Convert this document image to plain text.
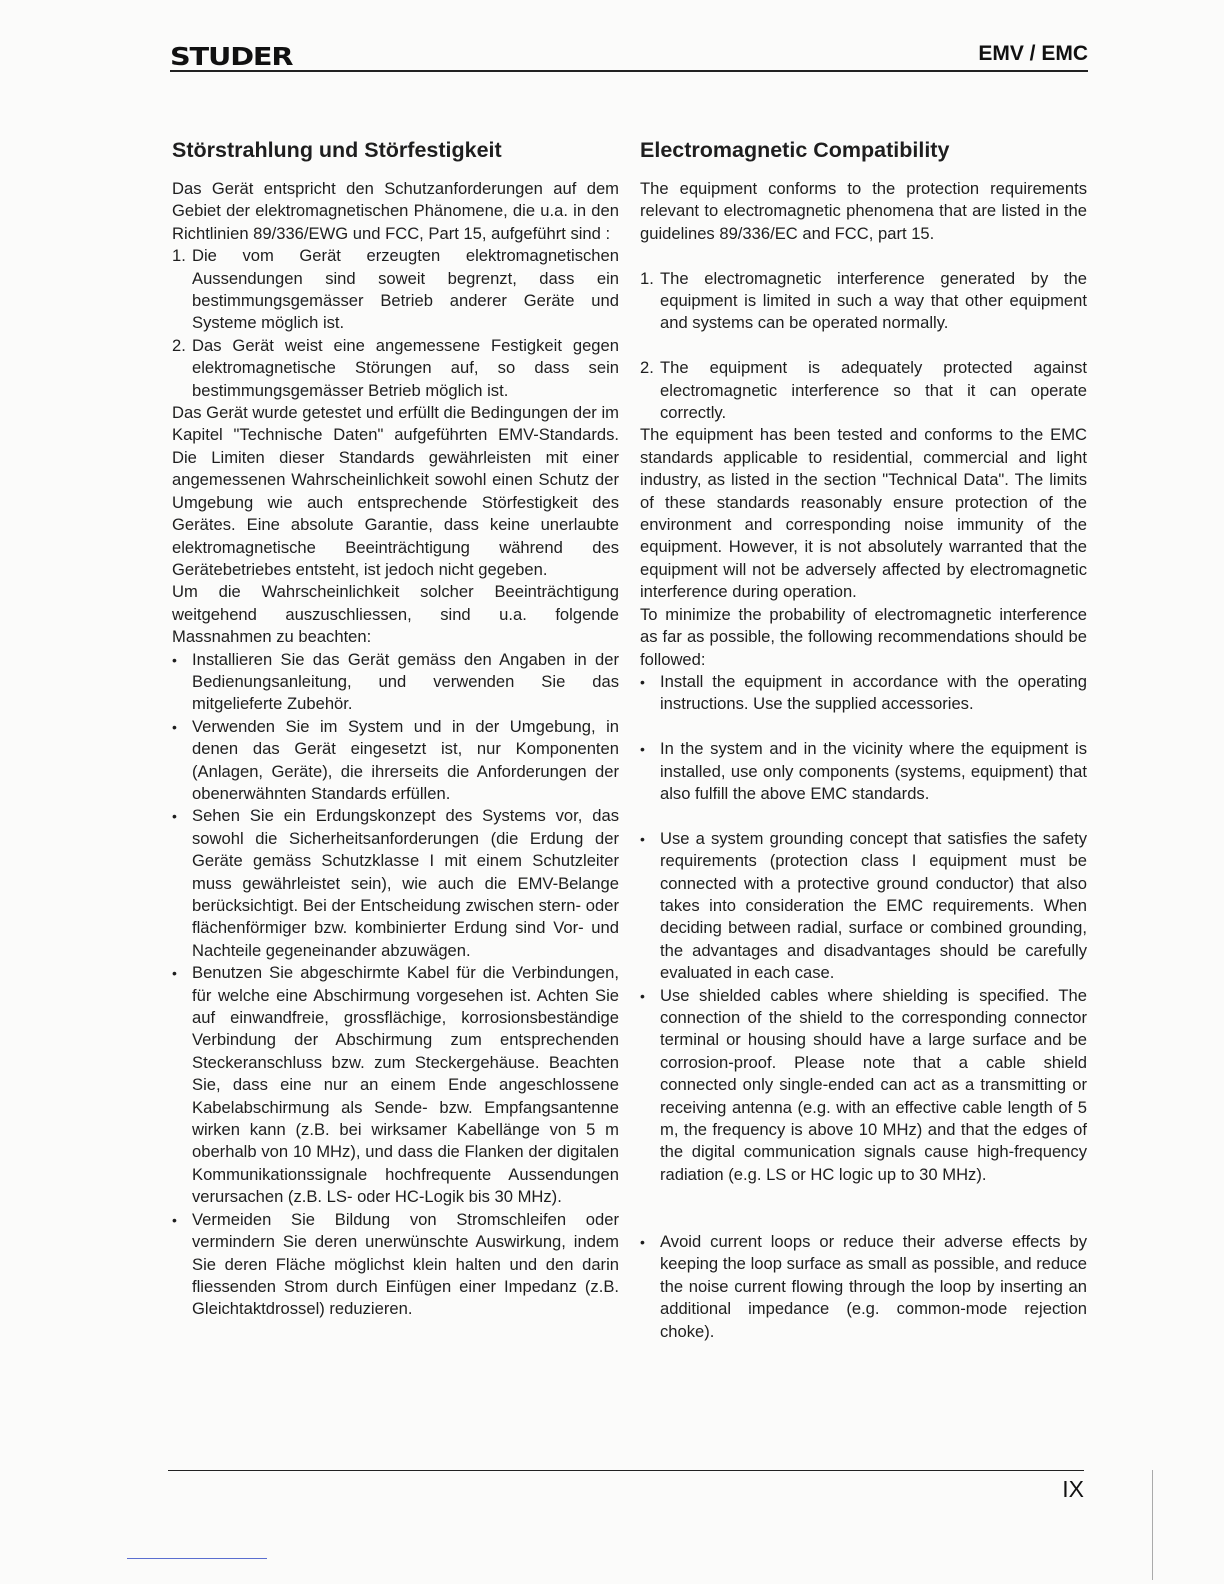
STUDER	EMV / EMC
Störstrahlung und Störfestigkeit

Das Gerät entspricht den Schutzanforderungen auf dem Gebiet der elektromagnetischen Phänomene, die u.a. in den Richtlinien 89/336/EWG und FCC, Part 15, aufgeführt sind :

1. Die vom Gerät erzeugten elektromagnetischen Aussendungen sind soweit begrenzt, dass ein bestimmungsgemässer Betrieb anderer Geräte und Systeme möglich ist.
2. Das Gerät weist eine angemessene Festigkeit gegen elektromagnetische Störungen auf, so dass sein bestimmungsgemässer Betrieb möglich ist.

Das Gerät wurde getestet und erfüllt die Bedingungen der im Kapitel "Technische Daten" aufgeführten EMV-Standards. Die Limiten dieser Standards gewährleisten mit einer angemessenen Wahrscheinlichkeit sowohl einen Schutz der Umgebung wie auch entsprechende Störfestigkeit des Gerätes. Eine absolute Garantie, dass keine unerlaubte elektromagnetische Beeinträchtigung während des Gerätebetriebes entsteht, ist jedoch nicht gegeben.

Um die Wahrscheinlichkeit solcher Beeinträchtigung weitgehend auszuschliessen, sind u.a. folgende Massnahmen zu beachten:

• Installieren Sie das Gerät gemäss den Angaben in der Bedienungsanleitung, und verwenden Sie das mitgelieferte Zubehör.
• Verwenden Sie im System und in der Umgebung, in denen das Gerät eingesetzt ist, nur Komponenten (Anlagen, Geräte), die ihrerseits die Anforderungen der obenerwähnten Standards erfüllen.
• Sehen Sie ein Erdungskonzept des Systems vor, das sowohl die Sicherheitsanforderungen (die Erdung der Geräte gemäss Schutzklasse I mit einem Schutzleiter muss gewährleistet sein), wie auch die EMV-Belange berücksichtigt. Bei der Entscheidung zwischen stern- oder flächenförmiger bzw. kombinierter Erdung sind Vor- und Nachteile gegeneinander abzuwägen.
• Benutzen Sie abgeschirmte Kabel für die Verbindungen, für welche eine Abschirmung vorgesehen ist. Achten Sie auf einwandfreie, grossflächige, korrosionsbeständige Verbindung der Abschirmung zum entsprechenden Steckeranschluss bzw. zum Steckergehäuse. Beachten Sie, dass eine nur an einem Ende angeschlossene Kabelabschirmung als Sende- bzw. Empfangsantenne wirken kann (z.B. bei wirksamer Kabellänge von 5 m oberhalb von 10 MHz), und dass die Flanken der digitalen Kommunikationssignale hochfrequente Aussendungen verursachen (z.B. LS- oder HC-Logik bis 30 MHz).
• Vermeiden Sie Bildung von Stromschleifen oder vermindern Sie deren unerwünschte Auswirkung, indem Sie deren Fläche möglichst klein halten und den darin fliessenden Strom durch Einfügen einer Impedanz (z.B. Gleichtaktdrossel) reduzieren.
Electromagnetic Compatibility

The equipment conforms to the protection requirements relevant to electromagnetic phenomena that are listed in the guidelines 89/336/EC and FCC, part 15.

1. The electromagnetic interference generated by the equipment is limited in such a way that other equipment and systems can be operated normally.
2. The equipment is adequately protected against electromagnetic interference so that it can operate correctly.

The equipment has been tested and conforms to the EMC standards applicable to residential, commercial and light industry, as listed in the section "Technical Data". The limits of these standards reasonably ensure protection of the environment and corresponding noise immunity of the equipment. However, it is not absolutely warranted that the equipment will not be adversely affected by electromagnetic interference during operation.

To minimize the probability of electromagnetic interference as far as possible, the following recommendations should be followed:

• Install the equipment in accordance with the operating instructions. Use the supplied accessories.
• In the system and in the vicinity where the equipment is installed, use only components (systems, equipment) that also fulfill the above EMC standards.
• Use a system grounding concept that satisfies the safety requirements (protection class I equipment must be connected with a protective ground conductor) that also takes into consideration the EMC requirements. When deciding between radial, surface or combined grounding, the advantages and disadvantages should be carefully evaluated in each case.
• Use shielded cables where shielding is specified. The connection of the shield to the corresponding connector terminal or housing should have a large surface and be corrosion-proof. Please note that a cable shield connected only single-ended can act as a transmitting or receiving antenna (e.g. with an effective cable length of 5 m, the frequency is above 10 MHz) and that the edges of the digital communication signals cause high-frequency radiation (e.g. LS or HC logic up to 30 MHz).
• Avoid current loops or reduce their adverse effects by keeping the loop surface as small as possible, and reduce the noise current flowing through the loop by inserting an additional impedance (e.g. common-mode rejection choke).
IX
